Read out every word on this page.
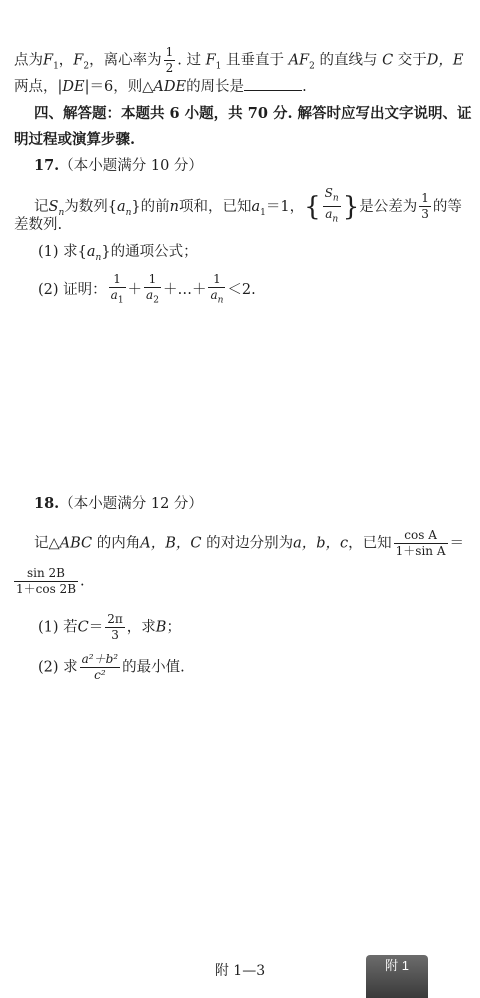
点为$F_1$，$F_2$，离心率为 $\frac{1}{2}$ . 过 $F_1$ 且垂直于 $AF_2$ 的直线与 C 交于D，E
两点，|DE|＝6，则△ADE的周长是	.
四、解答题：本题共 6 小题，共 70 分. 解答时应写出文字说明、证
明过程或演算步骤.
17.（本小题满分 10 分）
记$S_n$为数列$\{a_n\}$的前n项和，已知$a_1=1$，{ $\frac{S_n}{a_n}$ }是公差为 $\frac{1}{3}$ 的等
差数列.
(1) 求$\{a_n\}$的通项公式；
(2) 证明： $\frac{1}{a_1} + \frac{1}{a_2}$ ＋…＋ $\frac{1}{a_n} <2$.
18.（本小题满分 12 分）
记△ABC 的内角A，B，C 的对边分别为a，b，c，已知 $\frac{\text{cos A}}{\text{1＋sin A}}$ ＝
$\frac{\sin 2B}{1+\cos 2B}$ .
(1) 若$C= \frac{2\pi}{3}$ ，求B；
(2) 求 $\frac{\text{a²＋b²}}{\text{c²}}$ 的最小值.
附 1—3	附 1
